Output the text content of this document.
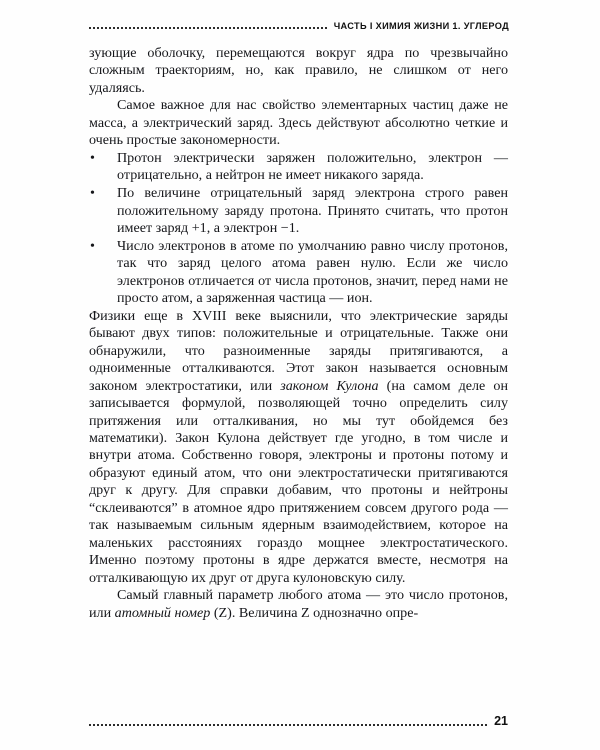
ЧАСТЬ I ХИМИЯ ЖИЗНИ 1. УГЛЕРОД

зующие оболочку, перемещаются вокруг ядра по чрезвычайно сложным траекториям, но, как правило, не слишком от него удаляясь.

Самое важное для нас свойство элементарных частиц даже не масса, а электрический заряд. Здесь действуют абсолютно четкие и очень простые закономерности.

•	Протон электрически заряжен положительно, электрон — отрицательно, а нейтрон не имеет никакого заряда.
•	По величине отрицательный заряд электрона строго равен положительному заряду протона. Принято считать, что протон имеет заряд +1, а электрон −1.
•	Число электронов в атоме по умолчанию равно числу протонов, так что заряд целого атома равен нулю. Если же число электронов отличается от числа протонов, значит, перед нами не просто атом, а заряженная частица — ион.

Физики еще в XVIII веке выяснили, что электрические заряды бывают двух типов: положительные и отрицательные. Также они обнаружили, что разноименные заряды притягиваются, а одноименные отталкиваются. Этот закон называется основным законом электростатики, или законом Кулона (на самом деле он записывается формулой, позволяющей точно определить силу притяжения или отталкивания, но мы тут обойдемся без математики). Закон Кулона действует где угодно, в том числе и внутри атома. Собственно говоря, электроны и протоны потому и образуют единый атом, что они электростатически притягиваются друг к другу. Для справки добавим, что протоны и нейтроны “склеиваются” в атомное ядро притяжением совсем другого рода — так называемым сильным ядерным взаимодействием, которое на маленьких расстояниях гораздо мощнее электростатического. Именно поэтому протоны в ядре держатся вместе, несмотря на отталкивающую их друг от друга кулоновскую силу.

Самый главный параметр любого атома — это число протонов, или атомный номер (Z). Величина Z однозначно опре-

21
